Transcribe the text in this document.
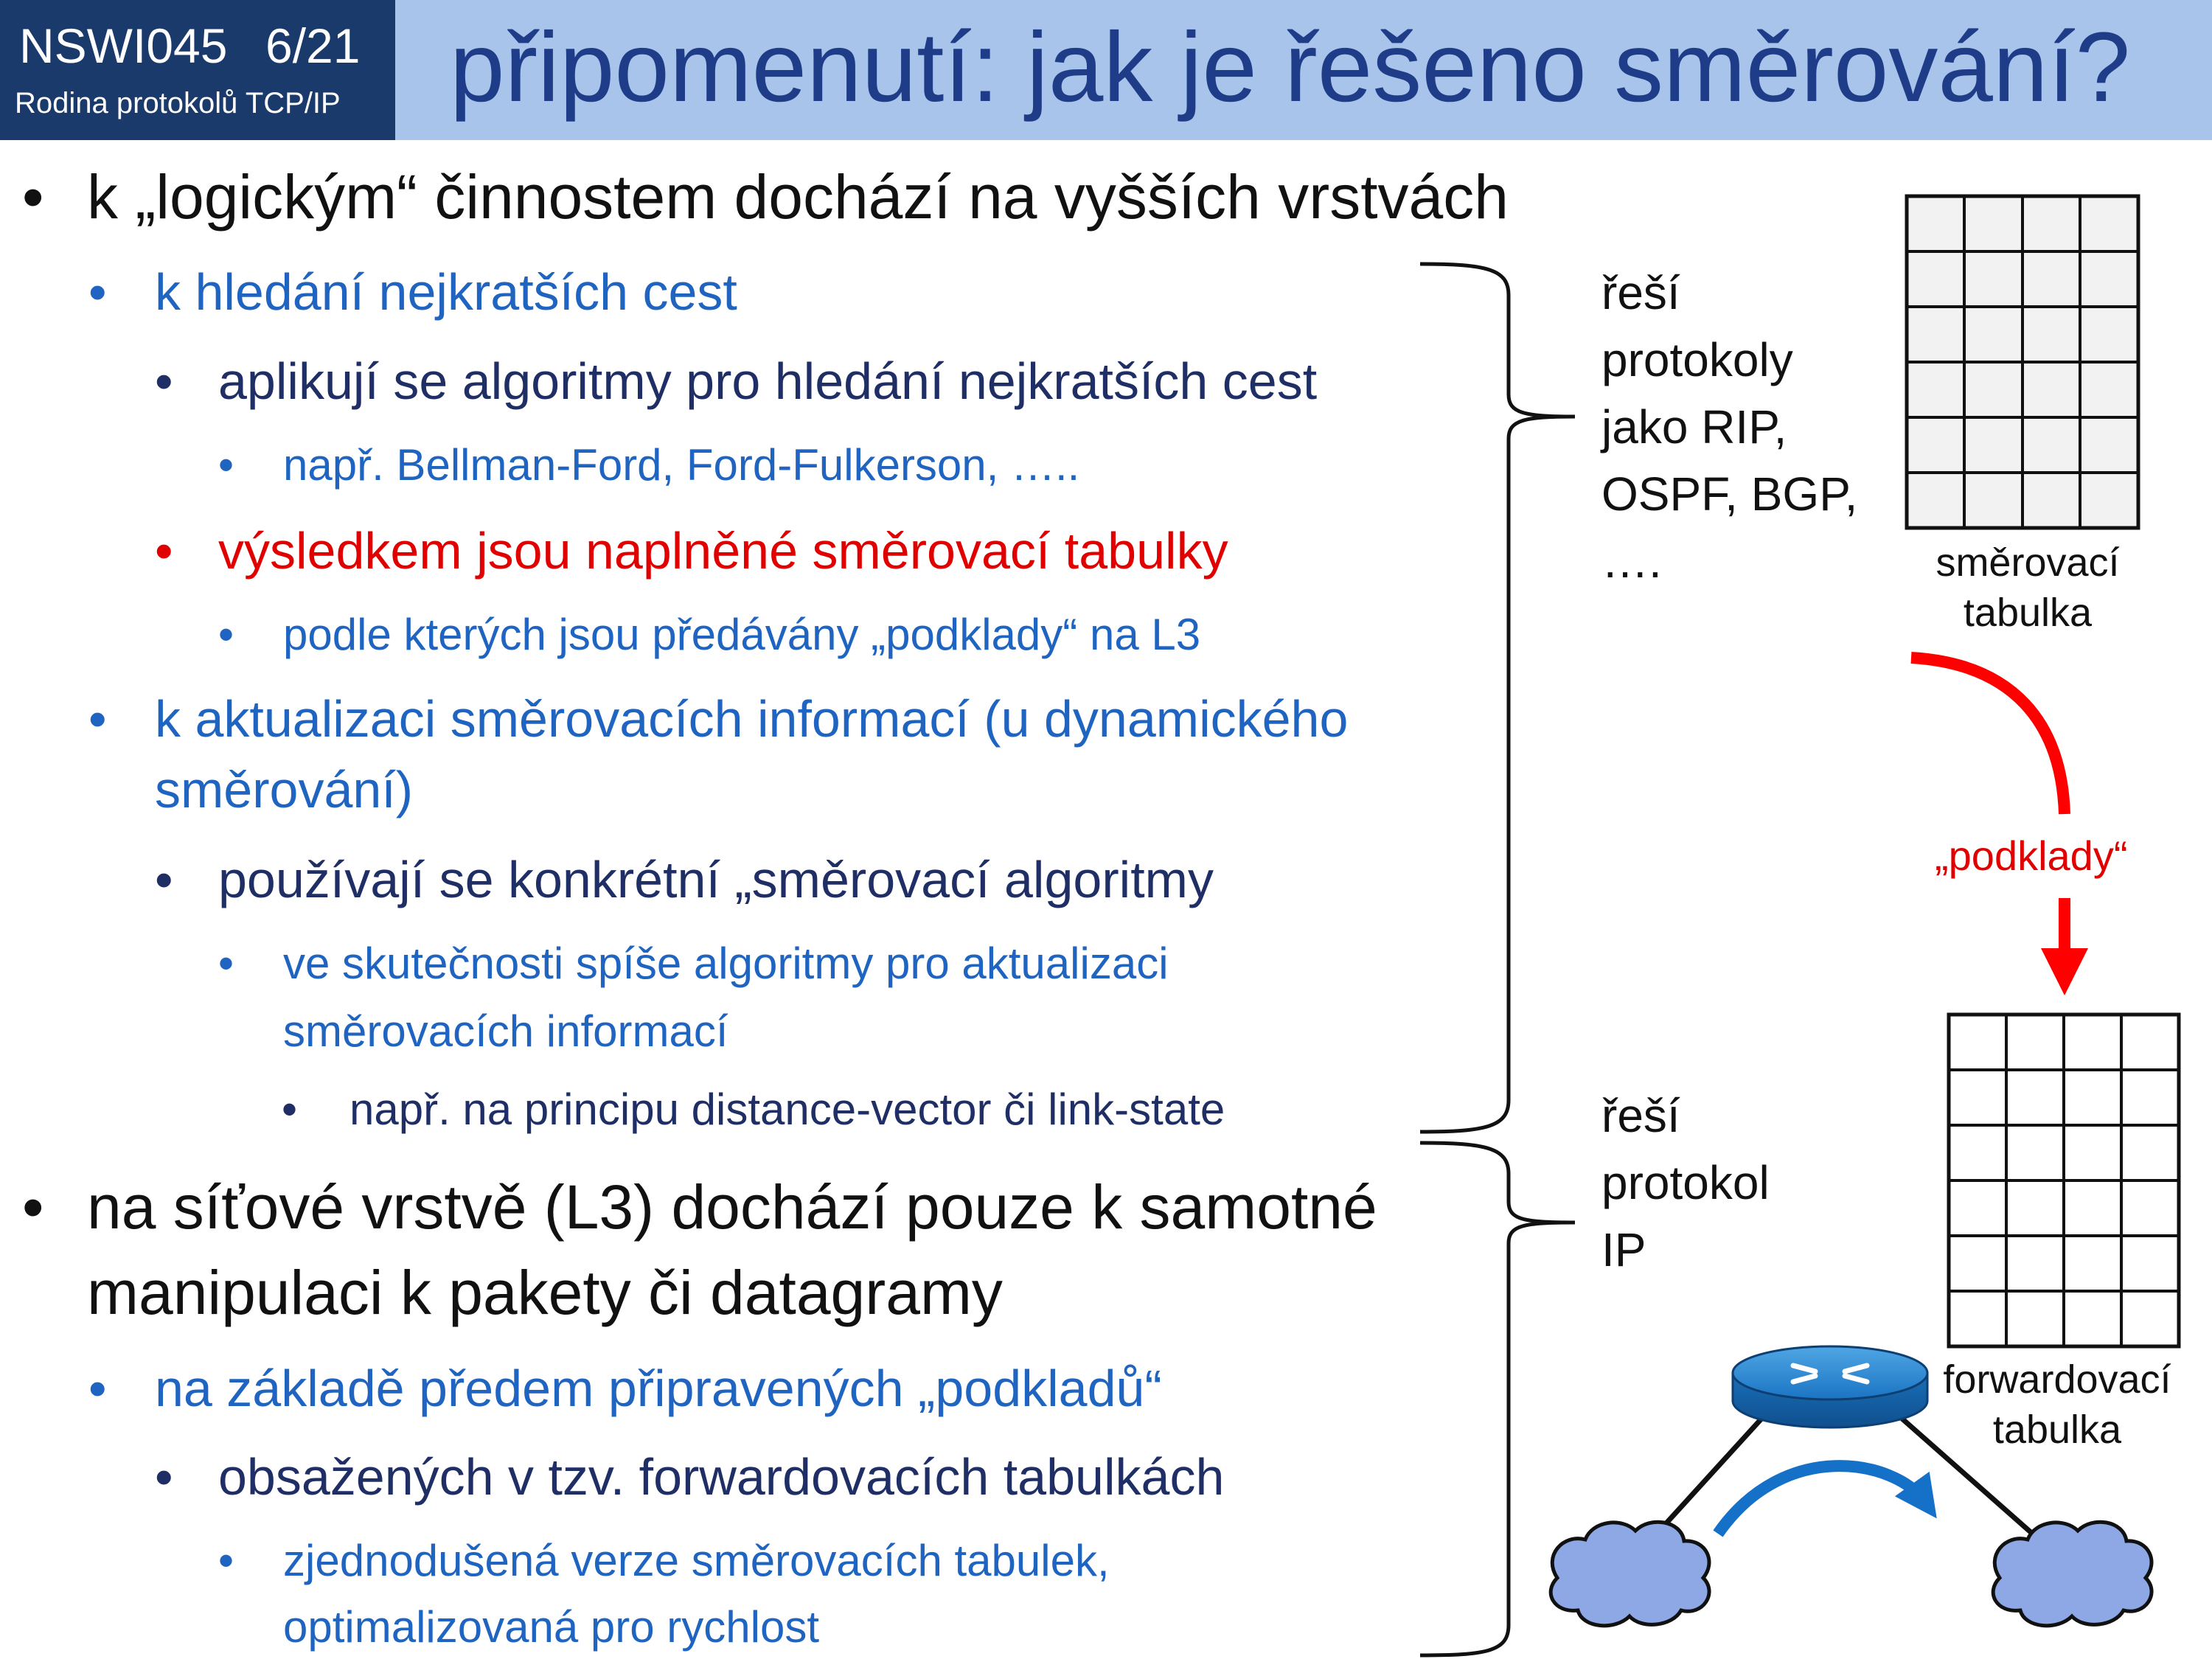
NSWI045 6/21
Rodina protokolů TCP/IP připomenutí: jak je řešeno směrování?
• k „logickým“ činnostem dochází na vyšších vrstvách
• k hledání nejkratších cest
• aplikují se algoritmy pro hledání nejkratších cest
• např. Bellman-Ford, Ford-Fulkerson, …..
• výsledkem jsou naplněné směrovací tabulky
• podle kterých jsou předávány „podklady“ na L3
• k aktualizaci směrovacích informací (u dynamického
směrování)
• používají se konkrétní „směrovací algoritmy
• ve skutečnosti spíše algoritmy pro aktualizaci
směrovacích informací
• např. na principu distance-vector či link-state
• na síťové vrstvě (L3) dochází pouze k samotné
manipulaci k pakety či datagramy
• na základě předem připravených „podkladů“
• obsažených v tzv. forwardovacích tabulkách
• zjednodušená verze směrovacích tabulek,
optimalizovaná pro rychlost
řeší
protokoly
jako RIP,
OSPF, BGP,
….
řeší
protokol
IP
směrovací
tabulka
„podklady“
forwardovací
tabulka
